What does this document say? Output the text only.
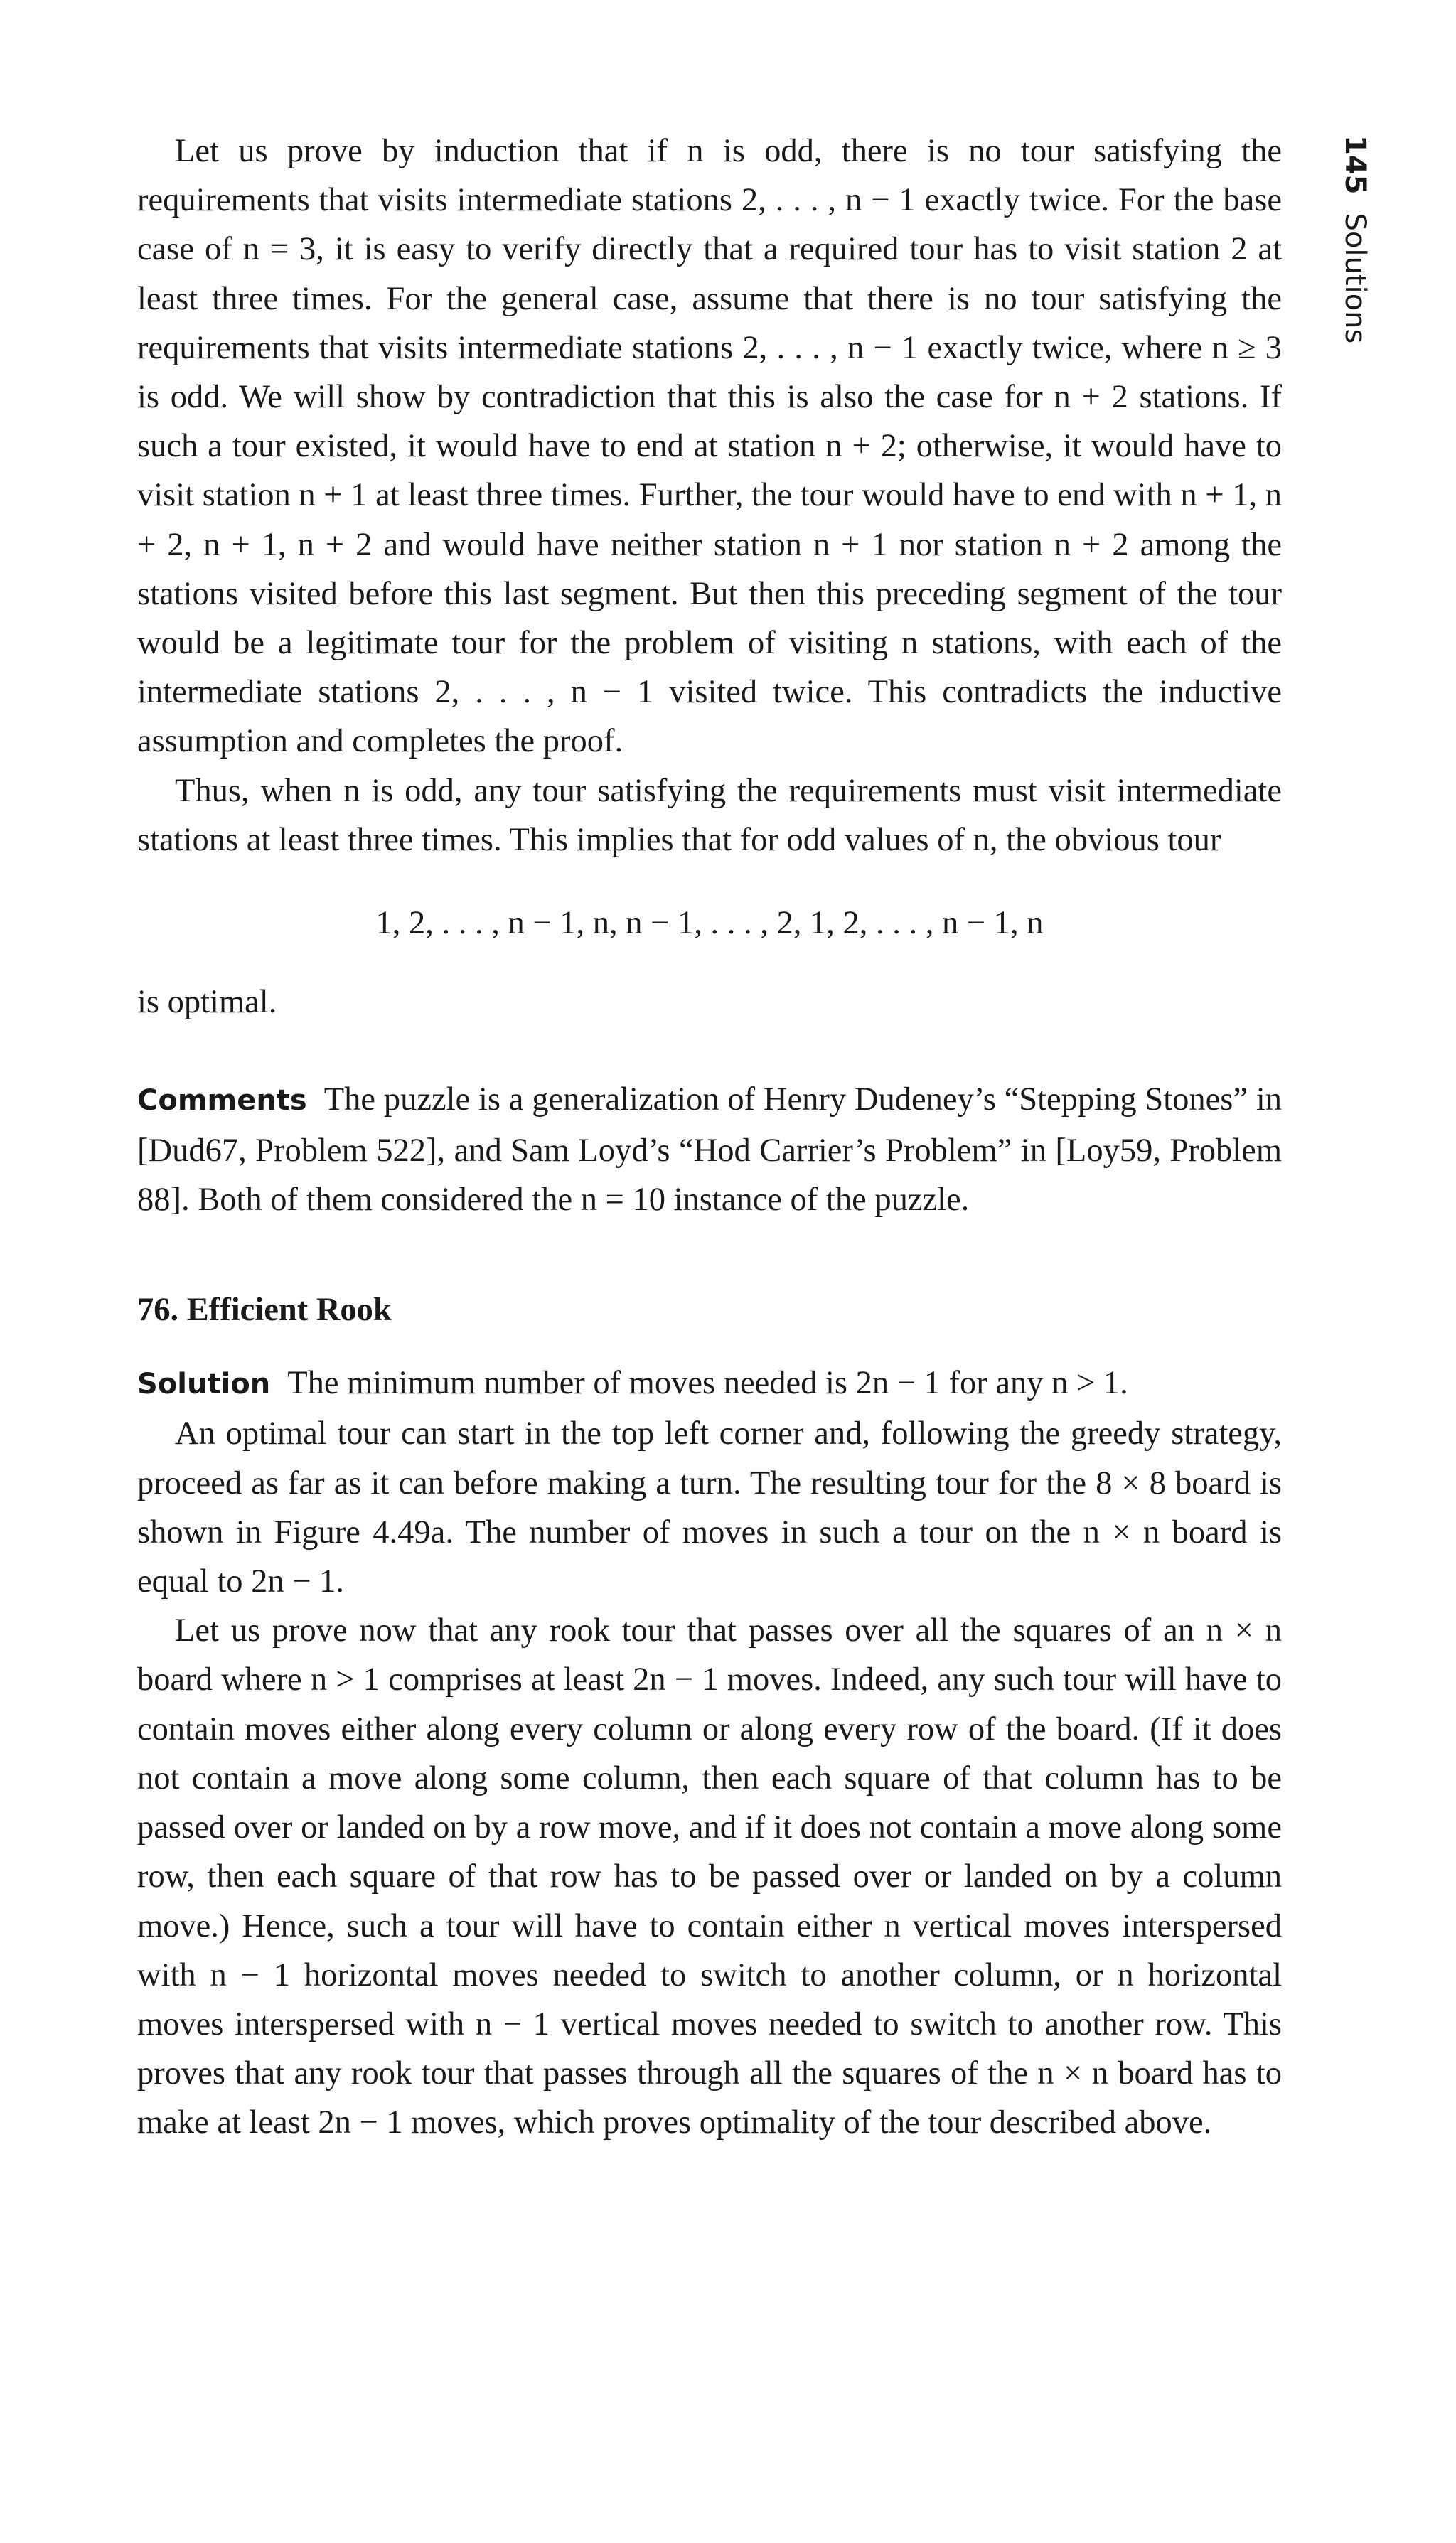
145Solutions

Let us prove by induction that if n is odd, there is no tour satisfying the requirements that visits intermediate stations 2, . . . , n − 1 exactly twice. For the base case of n = 3, it is easy to verify directly that a required tour has to visit station 2 at least three times. For the general case, assume that there is no tour satisfying the requirements that visits intermediate stations 2, . . . , n − 1 exactly twice, where n ≥ 3 is odd. We will show by contradiction that this is also the case for n + 2 stations. If such a tour existed, it would have to end at station n + 2; otherwise, it would have to visit station n + 1 at least three times. Further, the tour would have to end with n + 1, n + 2, n + 1, n + 2 and would have neither station n + 1 nor station n + 2 among the stations visited before this last segment. But then this preceding segment of the tour would be a legitimate tour for the problem of visiting n stations, with each of the intermediate stations 2, . . . , n − 1 visited twice. This contradicts the inductive assumption and completes the proof.

Thus, when n is odd, any tour satisfying the requirements must visit intermediate stations at least three times. This implies that for odd values of n, the obvious tour

1, 2, . . . , n − 1, n, n − 1, . . . , 2, 1, 2, . . . , n − 1, n

is optimal.

Comments The puzzle is a generalization of Henry Dudeney’s “Stepping Stones” in [Dud67, Problem 522], and Sam Loyd’s “Hod Carrier’s Problem” in [Loy59, Problem 88]. Both of them considered the n = 10 instance of the puzzle.

76. Efficient Rook

Solution The minimum number of moves needed is 2n − 1 for any n > 1.

An optimal tour can start in the top left corner and, following the greedy strategy, proceed as far as it can before making a turn. The resulting tour for the 8 × 8 board is shown in Figure 4.49a. The number of moves in such a tour on the n × n board is equal to 2n − 1.

Let us prove now that any rook tour that passes over all the squares of an n × n board where n > 1 comprises at least 2n − 1 moves. Indeed, any such tour will have to contain moves either along every column or along every row of the board. (If it does not contain a move along some column, then each square of that column has to be passed over or landed on by a row move, and if it does not contain a move along some row, then each square of that row has to be passed over or landed on by a column move.) Hence, such a tour will have to contain either n vertical moves interspersed with n − 1 horizontal moves needed to switch to another column, or n horizontal moves interspersed with n − 1 vertical moves needed to switch to another row. This proves that any rook tour that passes through all the squares of the n × n board has to make at least 2n − 1 moves, which proves optimality of the tour described above.
